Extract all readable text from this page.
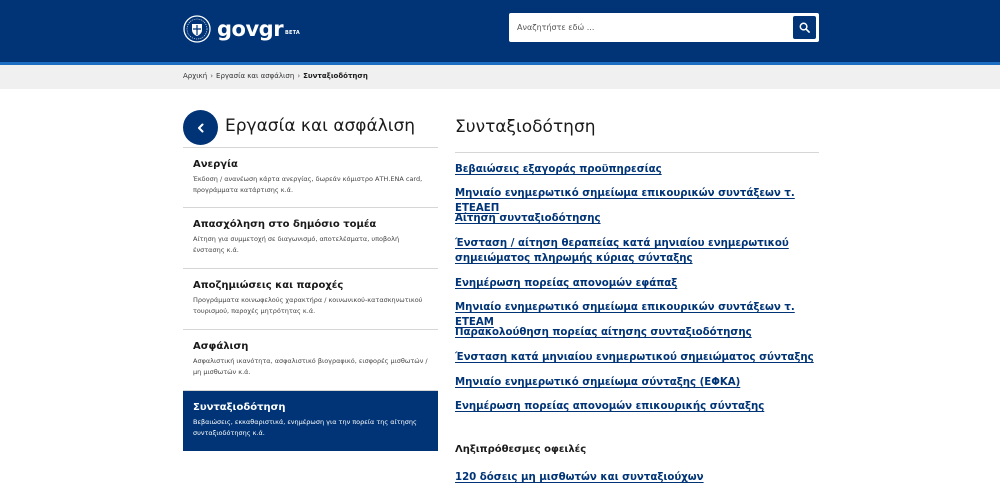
gov gr BETA
Αναζητήστε εδώ ...
Αρχική › Εργασία και ασφάλιση › Συνταξιοδότηση
Εργασία και ασφάλιση
Ανεργία
Έκδοση / ανανέωση κάρτα ανεργίας, δωρεάν κόμιστρο ΑΤΗ.ΕΝΑ card, προγράμματα κατάρτισης κ.ά.
Απασχόληση στο δημόσιο τομέα
Αίτηση για συμμετοχή σε διαγωνισμό, αποτελέσματα, υποβολή ένστασης κ.ά.
Αποζημιώσεις και παροχές
Προγράμματα κοινωφελούς χαρακτήρα / κοινωνικού-κατασκηνωτικού τουρισμού, παροχές μητρότητας κ.ά.
Ασφάλιση
Ασφαλιστική ικανότητα, ασφαλιστικό βιογραφικό, εισφορές μισθωτών / μη μισθωτών κ.ά.
Συνταξιοδότηση
Βεβαιώσεις, εκκαθαριστικά, ενημέρωση για την πορεία της αίτησης συνταξιοδότησης κ.ά.
Συνταξιοδότηση
Βεβαιώσεις εξαγοράς προϋπηρεσίας
Μηνιαίο ενημερωτικό σημείωμα επικουρικών συντάξεων τ. ΕΤΕΑΕΠ
Αίτηση συνταξιοδότησης
Ένσταση / αίτηση θεραπείας κατά μηνιαίου ενημερωτικού σημειώματος πληρωμής κύριας σύνταξης
Ενημέρωση πορείας απονομών εφάπαξ
Μηνιαίο ενημερωτικό σημείωμα επικουρικών συντάξεων τ. ΕΤΕΑΜ
Παρακολούθηση πορείας αίτησης συνταξιοδότησης
Ένσταση κατά μηνιαίου ενημερωτικού σημειώματος σύνταξης
Μηνιαίο ενημερωτικό σημείωμα σύνταξης (ΕΦΚΑ)
Ενημέρωση πορείας απονομών επικουρικής σύνταξης
Ληξιπρόθεσμες οφειλές
120 δόσεις μη μισθωτών και συνταξιούχων
